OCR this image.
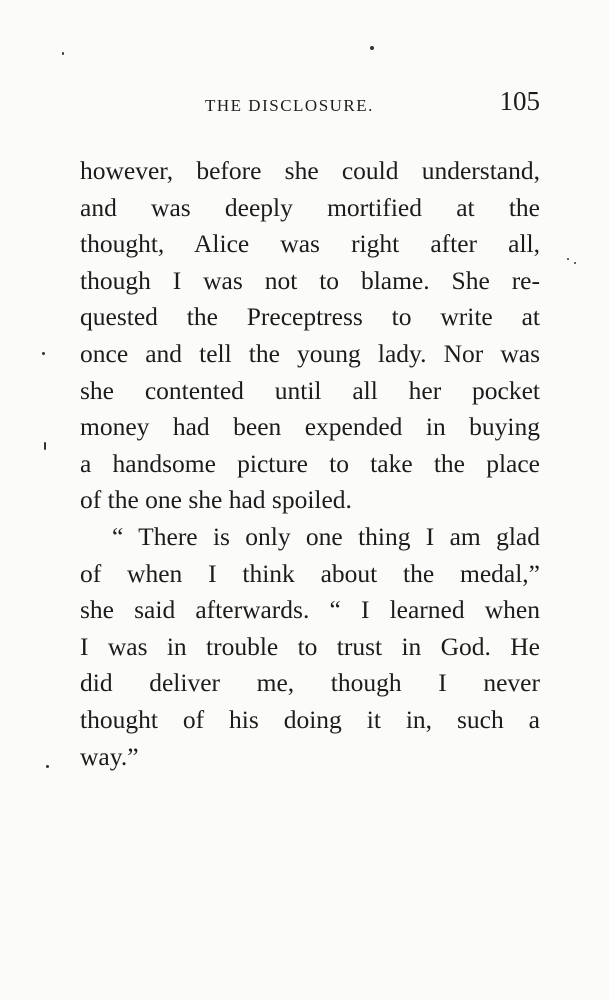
THE DISCLOSURE.	105

however, before she could understand,
and was deeply mortified at the
thought, Alice was right after all,
though I was not to blame. She re-
quested the Preceptress to write at
once and tell the young lady. Nor was
she contented until all her pocket
money had been expended in buying
a handsome picture to take the place
of the one she had spoiled.

“ There is only one thing I am glad
of when I think about the medal,”
she said afterwards. “ I learned when
I was in trouble to trust in God. He
did deliver me, though I never
thought of his doing it in, such a
way.”
